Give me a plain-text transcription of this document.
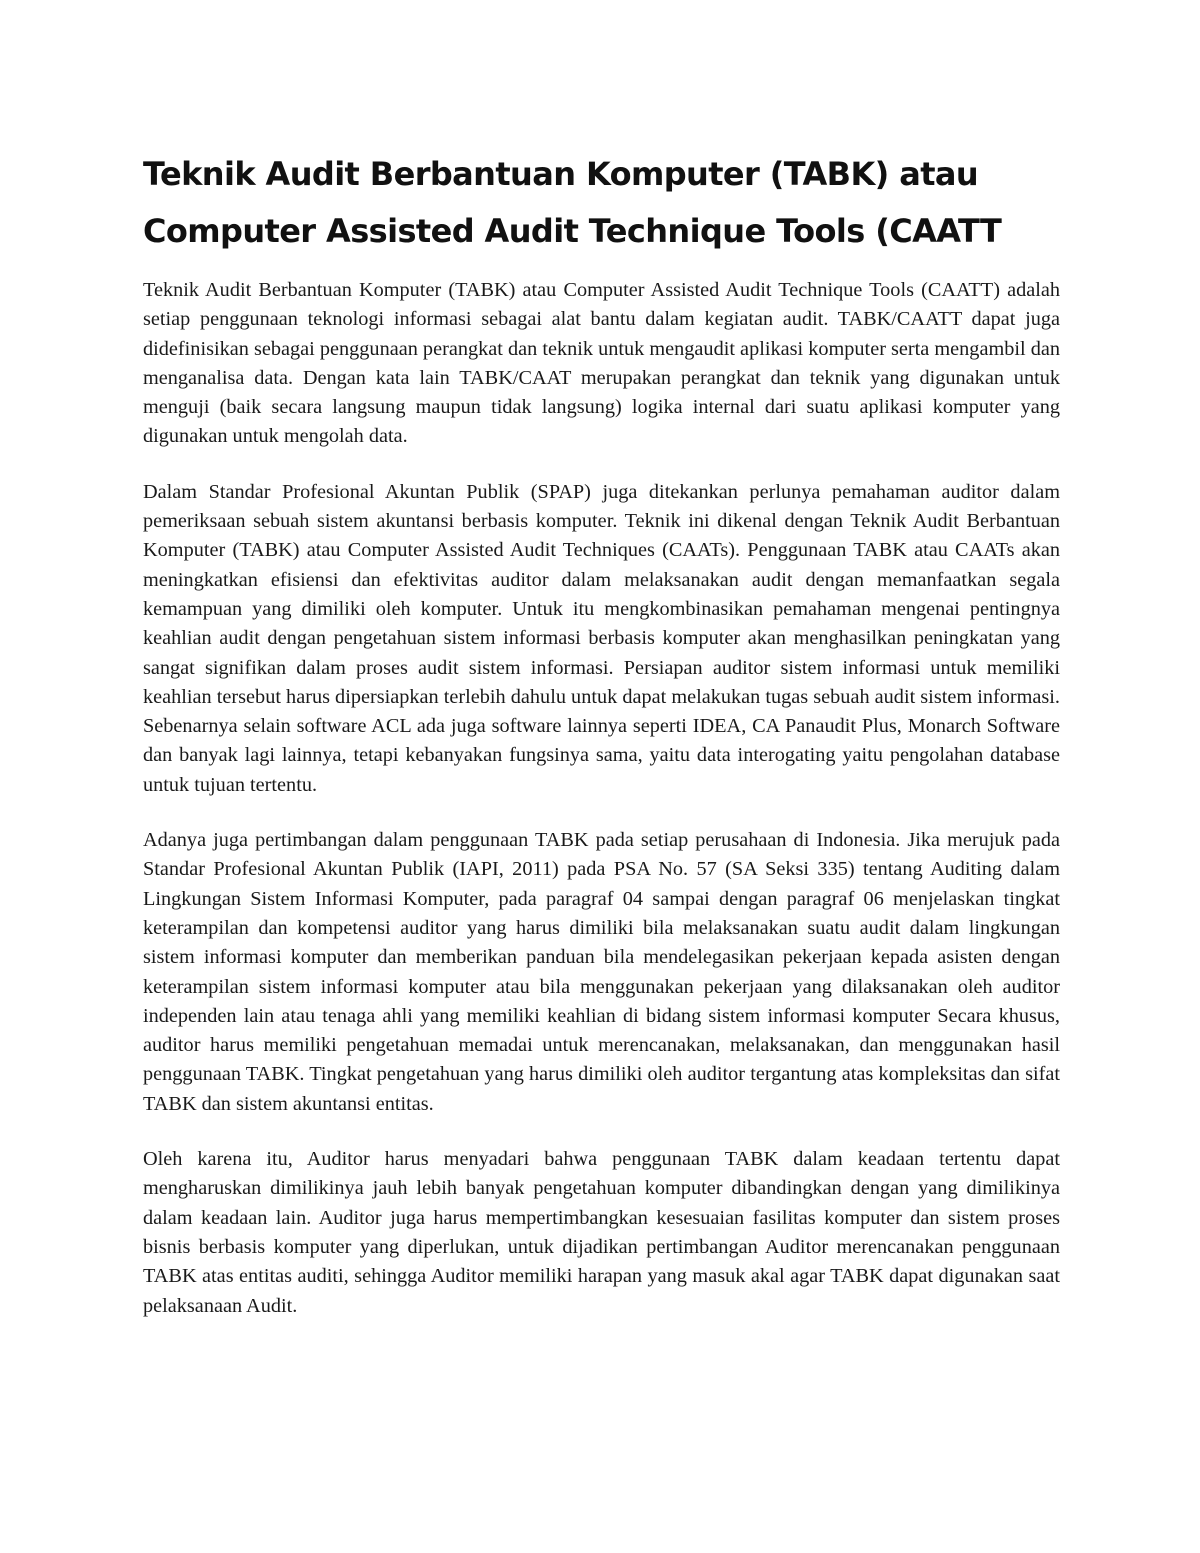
Teknik Audit Berbantuan Komputer (TABK) atau Computer Assisted Audit Technique Tools (CAATT

Teknik Audit Berbantuan Komputer (TABK) atau Computer Assisted Audit Technique Tools (CAATT) adalah setiap penggunaan teknologi informasi sebagai alat bantu dalam kegiatan audit. TABK/CAATT dapat juga didefinisikan sebagai penggunaan perangkat dan teknik untuk mengaudit aplikasi komputer serta mengambil dan menganalisa data. Dengan kata lain TABK/CAAT merupakan perangkat dan teknik yang digunakan untuk menguji (baik secara langsung maupun tidak langsung) logika internal dari suatu aplikasi komputer yang digunakan untuk mengolah data.

Dalam Standar Profesional Akuntan Publik (SPAP) juga ditekankan perlunya pemahaman auditor dalam pemeriksaan sebuah sistem akuntansi berbasis komputer. Teknik ini dikenal dengan Teknik Audit Berbantuan Komputer (TABK) atau Computer Assisted Audit Techniques (CAATs). Penggunaan TABK atau CAATs akan meningkatkan efisiensi dan efektivitas auditor dalam melaksanakan audit dengan memanfaatkan segala kemampuan yang dimiliki oleh komputer. Untuk itu mengkombinasikan pemahaman mengenai pentingnya keahlian audit dengan pengetahuan sistem informasi berbasis komputer akan menghasilkan peningkatan yang sangat signifikan dalam proses audit sistem informasi. Persiapan auditor sistem informasi untuk memiliki keahlian tersebut harus dipersiapkan terlebih dahulu untuk dapat melakukan tugas sebuah audit sistem informasi. Sebenarnya selain software ACL ada juga software lainnya seperti IDEA, CA Panaudit Plus, Monarch Software dan banyak lagi lainnya, tetapi kebanyakan fungsinya sama, yaitu data interogating yaitu pengolahan database untuk tujuan tertentu.

Adanya juga pertimbangan dalam penggunaan TABK pada setiap perusahaan di Indonesia. Jika merujuk pada Standar Profesional Akuntan Publik (IAPI, 2011) pada PSA No. 57 (SA Seksi 335) tentang Auditing dalam Lingkungan Sistem Informasi Komputer, pada paragraf 04 sampai dengan paragraf 06 menjelaskan tingkat keterampilan dan kompetensi auditor yang harus dimiliki bila melaksanakan suatu audit dalam lingkungan sistem informasi komputer dan memberikan panduan bila mendelegasikan pekerjaan kepada asisten dengan keterampilan sistem informasi komputer atau bila menggunakan pekerjaan yang dilaksanakan oleh auditor independen lain atau tenaga ahli yang memiliki keahlian di bidang sistem informasi komputer Secara khusus, auditor harus memiliki pengetahuan memadai untuk merencanakan, melaksanakan, dan menggunakan hasil penggunaan TABK. Tingkat pengetahuan yang harus dimiliki oleh auditor tergantung atas kompleksitas dan sifat TABK dan sistem akuntansi entitas.

Oleh karena itu, Auditor harus menyadari bahwa penggunaan TABK dalam keadaan tertentu dapat mengharuskan dimilikinya jauh lebih banyak pengetahuan komputer dibandingkan dengan yang dimilikinya dalam keadaan lain. Auditor juga harus mempertimbangkan kesesuaian fasilitas komputer dan sistem proses bisnis berbasis komputer yang diperlukan, untuk dijadikan pertimbangan Auditor merencanakan penggunaan TABK atas entitas auditi, sehingga Auditor memiliki harapan yang masuk akal agar TABK dapat digunakan saat pelaksanaan Audit.
